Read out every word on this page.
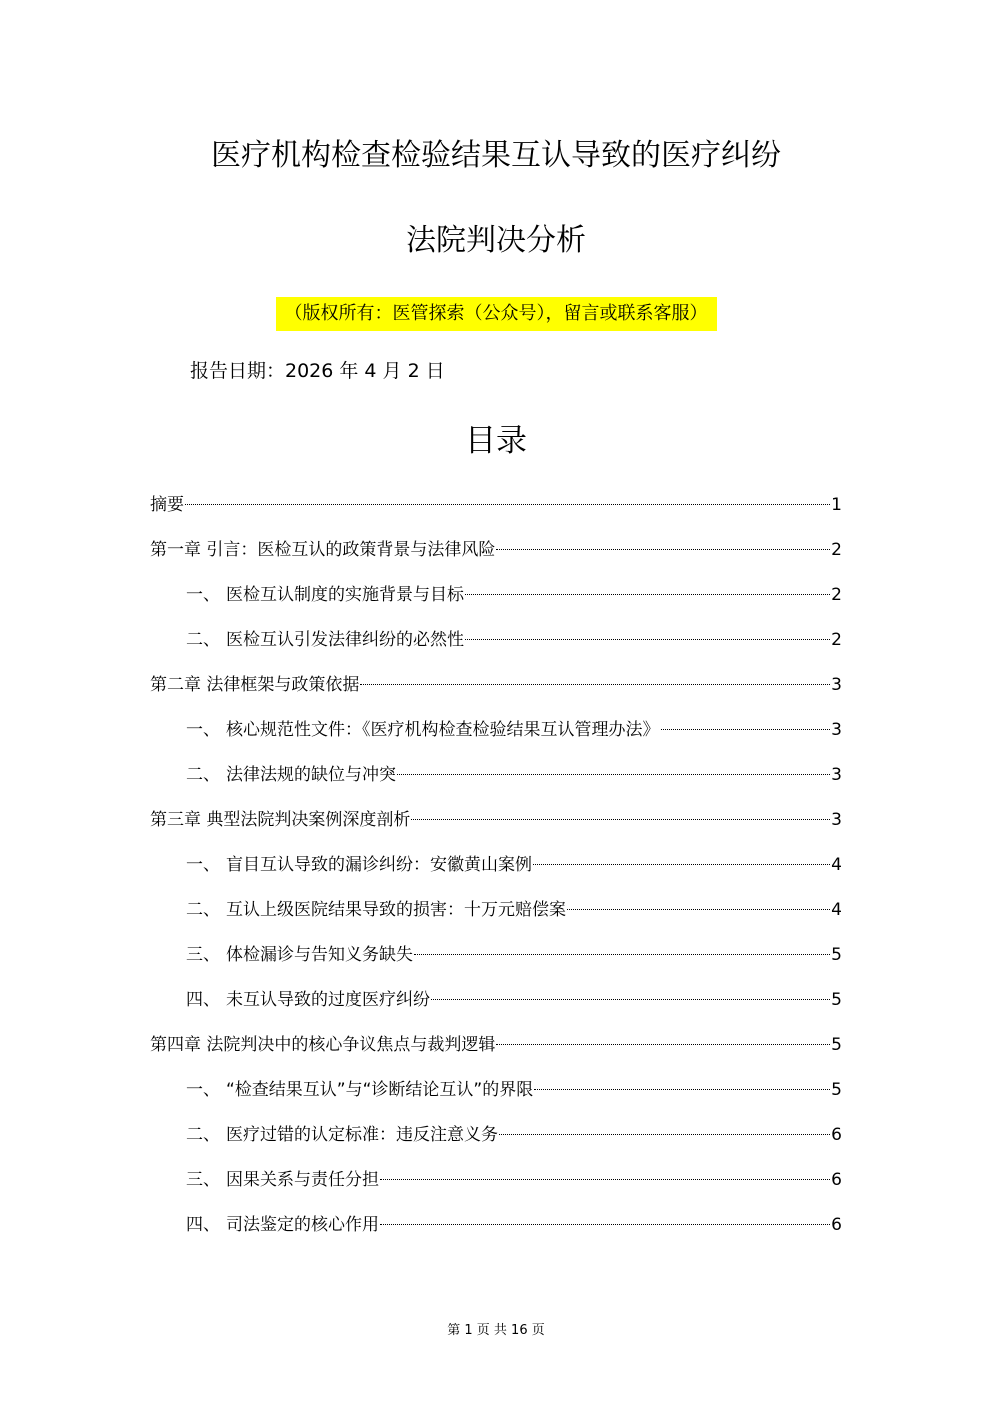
医疗机构检查检验结果互认导致的医疗纠纷
法院判决分析
（版权所有：医管探索（公众号），留言或联系客服）
报告日期：2026 年 4 月 2 日
目录
摘要	1
第一章 引言：医检互认的政策背景与法律风险	2
一、 医检互认制度的实施背景与目标	2
二、 医检互认引发法律纠纷的必然性	2
第二章 法律框架与政策依据	3
一、 核心规范性文件：《医疗机构检查检验结果互认管理办法》	3
二、 法律法规的缺位与冲突	3
第三章 典型法院判决案例深度剖析	3
一、 盲目互认导致的漏诊纠纷：安徽黄山案例	4
二、 互认上级医院结果导致的损害：十万元赔偿案	4
三、 体检漏诊与告知义务缺失	5
四、 未互认导致的过度医疗纠纷	5
第四章 法院判决中的核心争议焦点与裁判逻辑	5
一、 “检查结果互认”与“诊断结论互认”的界限	5
二、 医疗过错的认定标准：违反注意义务	6
三、 因果关系与责任分担	6
四、 司法鉴定的核心作用	6
第 1 页 共 16 页
